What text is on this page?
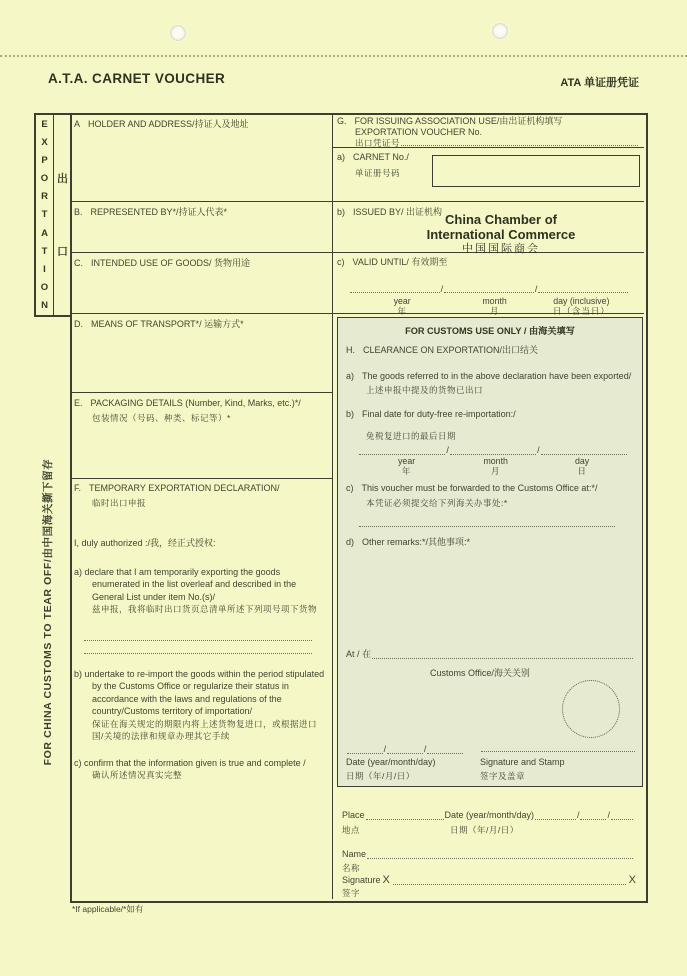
A.T.A. CARNET VOUCHER	ATA 单证册凭证
FOR CHINA CUSTOMS TO TEAR OFF/由中国海关撕下留存
E
X
P
O
R
T
A
T
I
O
N
出
口
A HOLDER AND ADDRESS/持证人及地址
B. REPRESENTED BY*/持证人代表*
C. INTENDED USE OF GOODS/ 货物用途
D. MEANS OF TRANSPORT*/ 运输方式*
E. PACKAGING DETAILS (Number, Kind, Marks, etc.)*/
包装情况（号码、种类、标记等）*
F. TEMPORARY EXPORTATION DECLARATION/
临时出口申报
I, duly authorized :/我，经正式授权:
a) declare that I am temporarily exporting the goods enumerated in the list overleaf and described in the General List under item No.(s)/
兹申报，我将临时出口货页总清单所述下列项号项下货物
b) undertake to re-import the goods within the period stipulated by the Customs Office or regularize their status in accordance with the laws and regulations of the country/Customs territory of importation/
保证在海关规定的期限内将上述货物复进口，或根据进口国/关境的法律和规章办理其它手续
c) confirm that the information given is true and complete /
确认所述情况真实完整
G. FOR ISSUING ASSOCIATION USE/由出证机构填写
EXPORTATION VOUCHER No.
出口凭证号
a) CARNET No./
单证册号码
b) ISSUED BY/ 出证机构 China Chamber of
International Commerce
中国国际商会
c) VALID UNTIL/ 有效期至
/	/
year
年
month
月
day (inclusive)
日（含当日）
FOR CUSTOMS USE ONLY / 由海关填写
H. CLEARANCE ON EXPORTATION/出口结关
a) The goods referred to in the above declaration have been exported/
上述申报中提及的货物已出口
b) Final date for duty-free re-importation:/
免税复进口的最后日期
/	/
year
年
month
月
day
日
c) This voucher must be forwarded to the Customs Office at:*/
本凭证必须提交给下列海关办事处:*
d) Other remarks:*/其他事项:*
At / 在
Customs Office/海关关别
/	/
Date (year/month/day)
日期（年/月/日）
Signature and Stamp
签字及盖章
Place	Date (year/month/day)	/	/
地点	日期（年/月/日）
Name
名称
Signature X	X
签字
*If applicable/*如有
